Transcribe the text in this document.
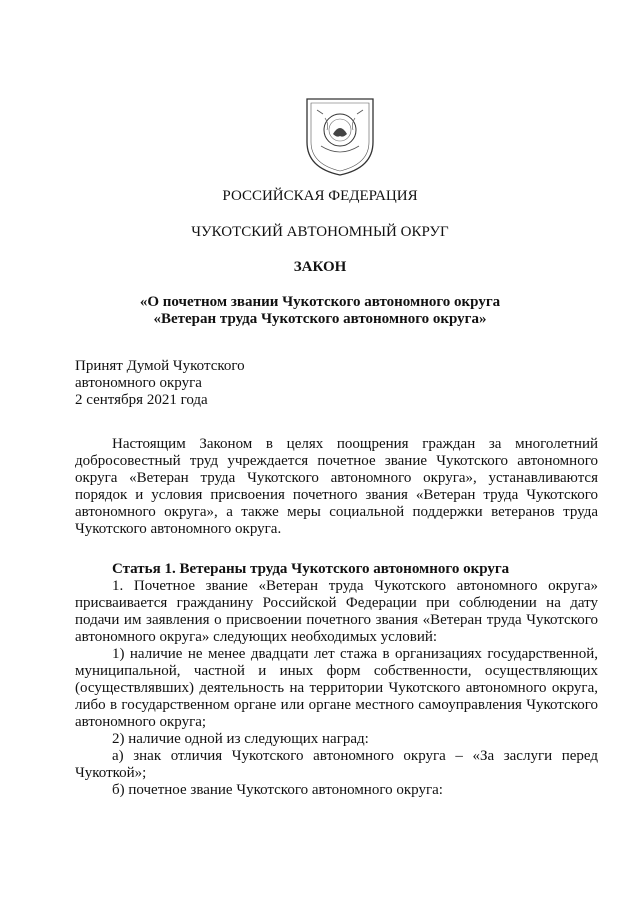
РОССИЙСКАЯ ФЕДЕРАЦИЯ
ЧУКОТСКИЙ АВТОНОМНЫЙ ОКРУГ
ЗАКОН
«О почетном звании Чукотского автономного округа
«Ветеран труда Чукотского автономного округа»
Принят Думой Чукотского
автономного округа
2 сентября 2021 года
Настоящим Законом в целях поощрения граждан за многолетний
добросовестный труд учреждается почетное звание Чукотского автономного
округа «Ветеран труда Чукотского автономного округа», устанавливаются
порядок и условия присвоения почетного звания «Ветеран труда Чукотского
автономного округа», а также меры социальной поддержки ветеранов труда
Чукотского автономного округа.
Статья 1. Ветераны труда Чукотского автономного округа
1. Почетное звание «Ветеран труда Чукотского автономного округа»
присваивается гражданину Российской Федерации при соблюдении на дату
подачи им заявления о присвоении почетного звания «Ветеран труда Чукотского
автономного округа» следующих необходимых условий:
1) наличие не менее двадцати лет стажа в организациях государственной,
муниципальной, частной и иных форм собственности, осуществляющих
(осуществлявших) деятельность на территории Чукотского автономного округа,
либо в государственном органе или органе местного самоуправления Чукотского
автономного округа;
2) наличие одной из следующих наград:
а) знак отличия Чукотского автономного округа – «За заслуги перед
Чукоткой»;
б) почетное звание Чукотского автономного округа:
